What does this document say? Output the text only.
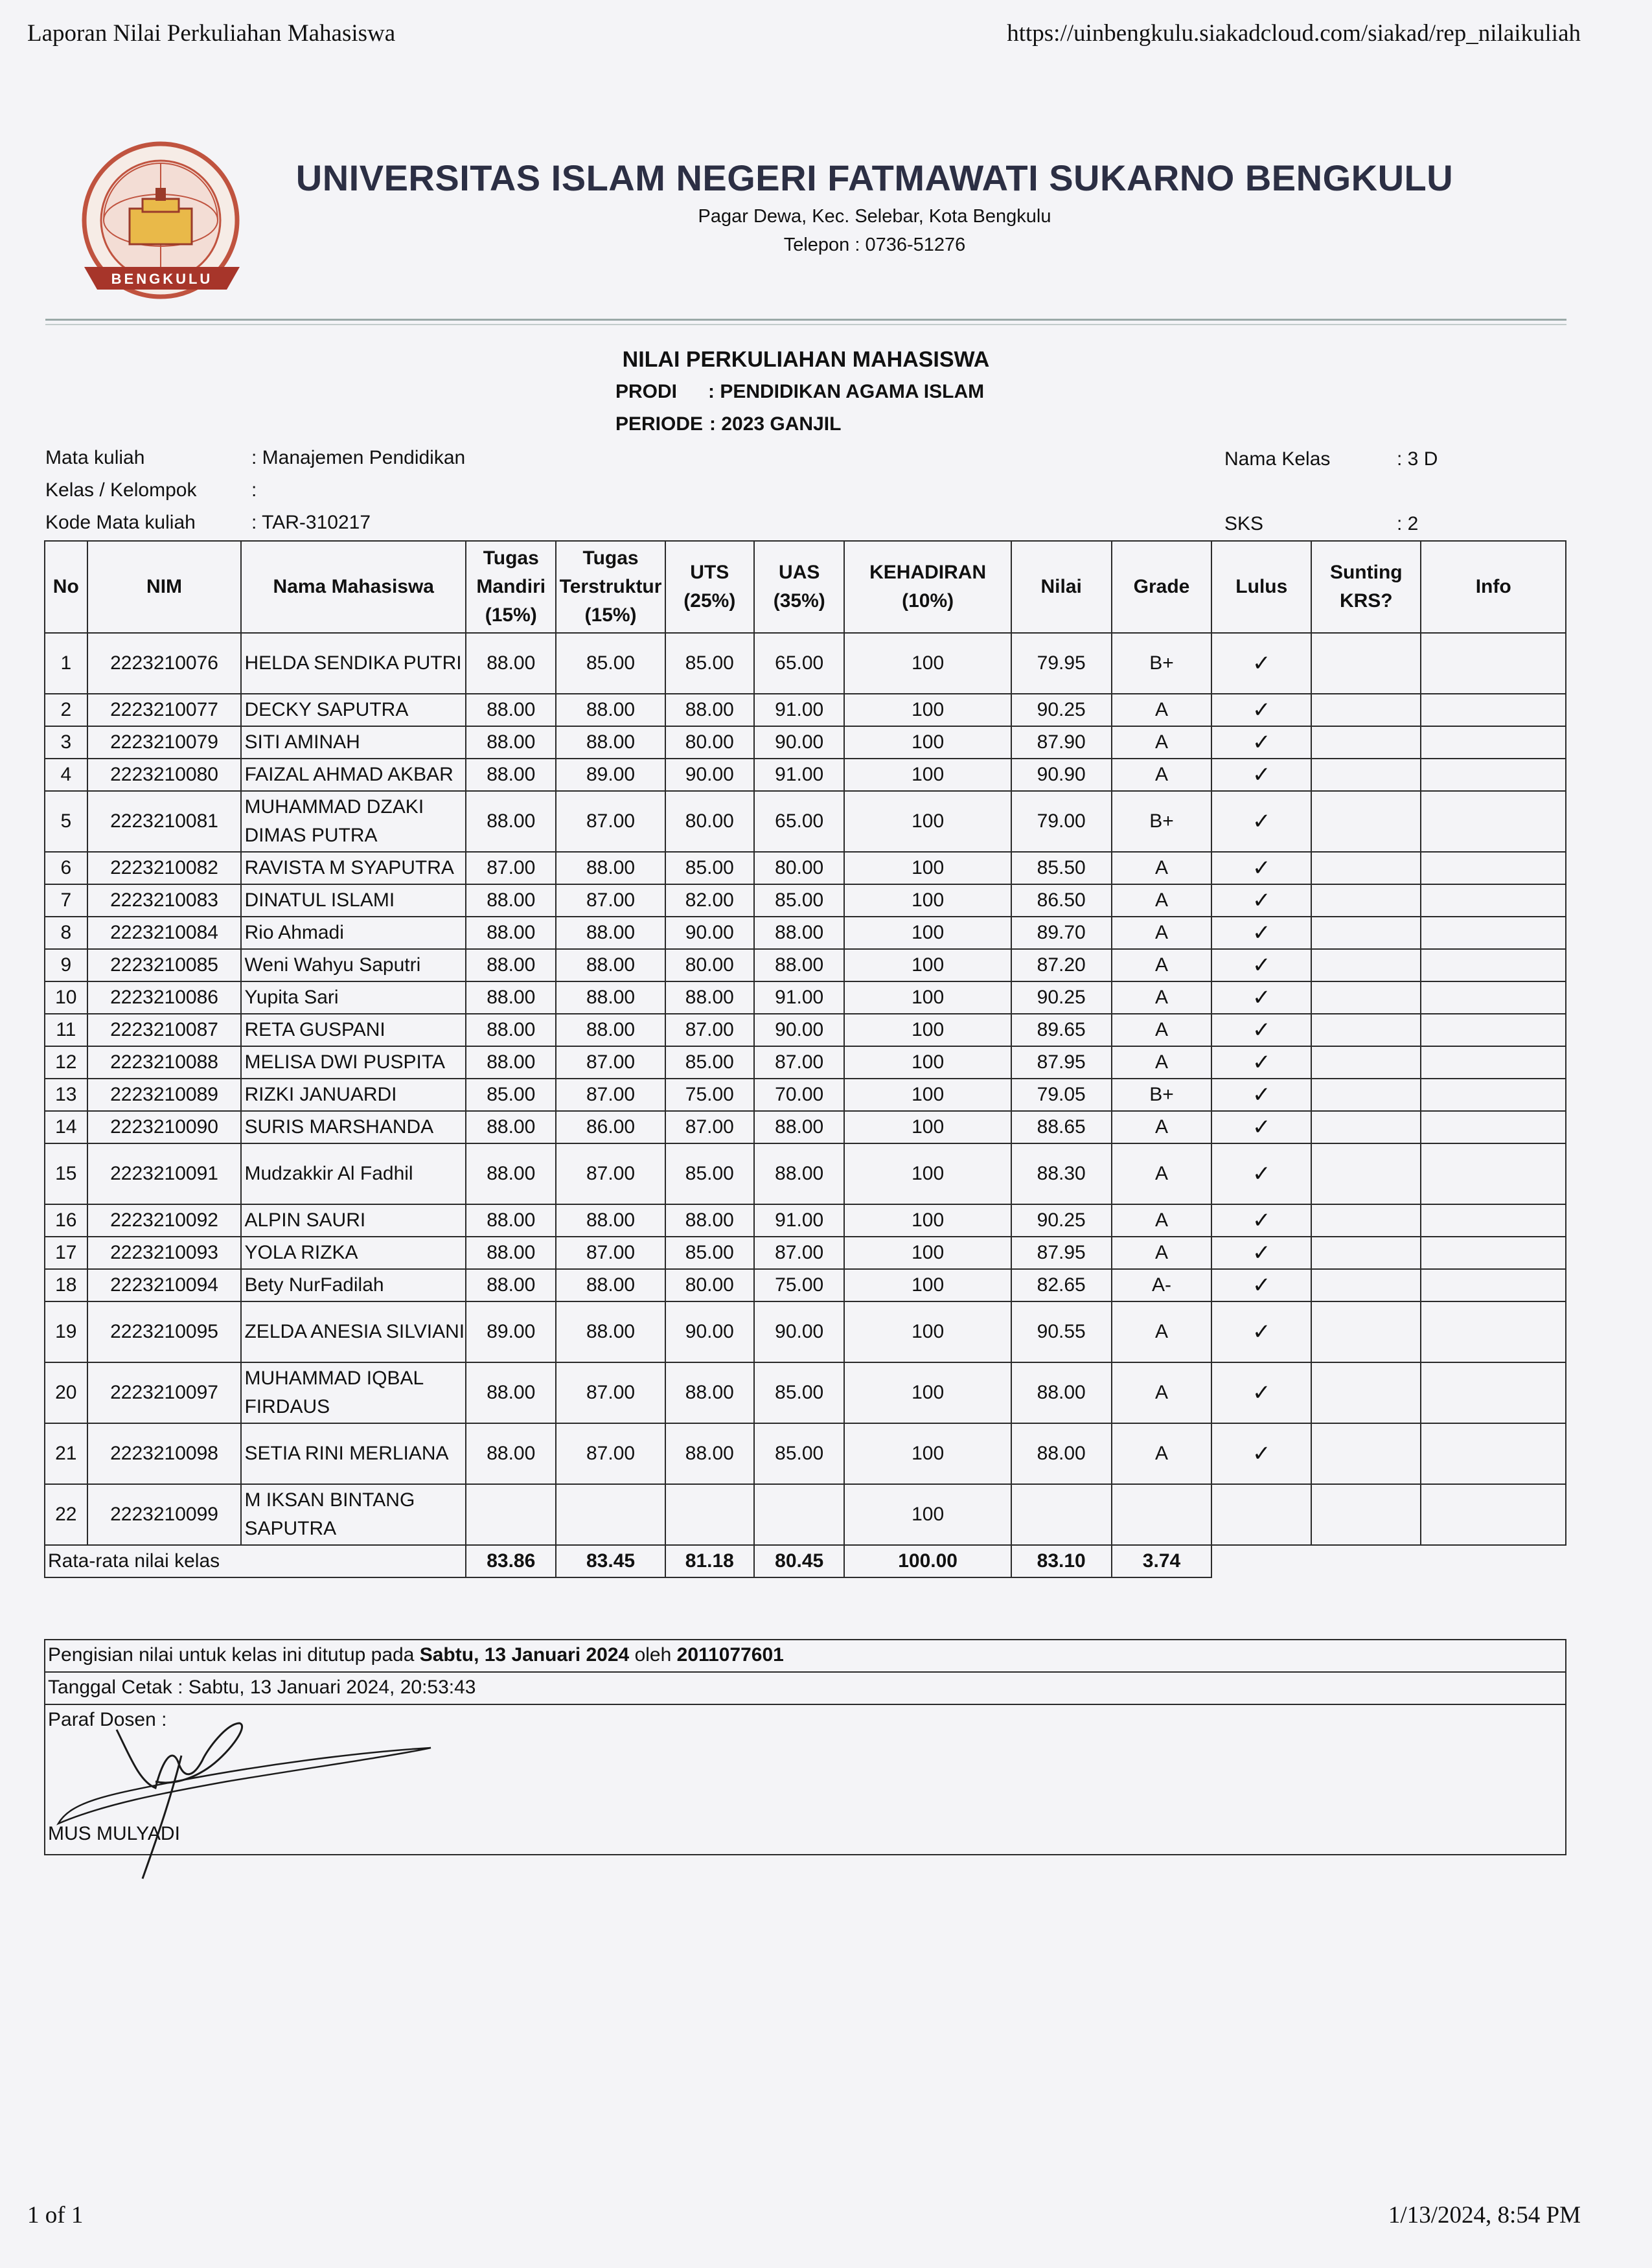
Laporan Nilai Perkuliahan Mahasiswa	https://uinbengkulu.siakadcloud.com/siakad/rep_nilaikuliah
1 of 1	1/13/2024, 8:54 PM
BENGKULU
UNIVERSITAS ISLAM NEGERI FATMAWATI SUKARNO BENGKULU
Pagar Dewa, Kec. Selebar, Kota Bengkulu
Telepon : 0736-51276
NILAI PERKULIAHAN MAHASISWA
PRODI : PENDIDIKAN AGAMA ISLAM
PERIODE : 2023 GANJIL
Mata kuliah	: Manajemen Pendidikan
Kelas / Kelompok	:
Kode Mata kuliah	: TAR-310217
Nama Kelas	: 3 D
SKS	: 2
No	NIM	Nama Mahasiswa	Tugas Mandiri (15%)	Tugas Terstruktur (15%)	UTS (25%)	UAS (35%)	KEHADIRAN (10%)	Nilai	Grade	Lulus	Sunting KRS?	Info
1	2223210076	HELDA SENDIKA PUTRI	88.00	85.00	85.00	65.00	100	79.95	B+	✓		
2	2223210077	DECKY SAPUTRA	88.00	88.00	88.00	91.00	100	90.25	A	✓		
3	2223210079	SITI AMINAH	88.00	88.00	80.00	90.00	100	87.90	A	✓		
4	2223210080	FAIZAL AHMAD AKBAR	88.00	89.00	90.00	91.00	100	90.90	A	✓		
5	2223210081	MUHAMMAD DZAKI DIMAS PUTRA	88.00	87.00	80.00	65.00	100	79.00	B+	✓		
6	2223210082	RAVISTA M SYAPUTRA	87.00	88.00	85.00	80.00	100	85.50	A	✓		
7	2223210083	DINATUL ISLAMI	88.00	87.00	82.00	85.00	100	86.50	A	✓		
8	2223210084	Rio Ahmadi	88.00	88.00	90.00	88.00	100	89.70	A	✓		
9	2223210085	Weni Wahyu Saputri	88.00	88.00	80.00	88.00	100	87.20	A	✓		
10	2223210086	Yupita Sari	88.00	88.00	88.00	91.00	100	90.25	A	✓		
11	2223210087	RETA GUSPANI	88.00	88.00	87.00	90.00	100	89.65	A	✓		
12	2223210088	MELISA DWI PUSPITA	88.00	87.00	85.00	87.00	100	87.95	A	✓		
13	2223210089	RIZKI JANUARDI	85.00	87.00	75.00	70.00	100	79.05	B+	✓		
14	2223210090	SURIS MARSHANDA	88.00	86.00	87.00	88.00	100	88.65	A	✓		
15	2223210091	Mudzakkir Al Fadhil	88.00	87.00	85.00	88.00	100	88.30	A	✓		
16	2223210092	ALPIN SAURI	88.00	88.00	88.00	91.00	100	90.25	A	✓		
17	2223210093	YOLA RIZKA	88.00	87.00	85.00	87.00	100	87.95	A	✓		
18	2223210094	Bety NurFadilah	88.00	88.00	80.00	75.00	100	82.65	A-	✓		
19	2223210095	ZELDA ANESIA SILVIANI	89.00	88.00	90.00	90.00	100	90.55	A	✓		
20	2223210097	MUHAMMAD IQBAL FIRDAUS	88.00	87.00	88.00	85.00	100	88.00	A	✓		
21	2223210098	SETIA RINI MERLIANA	88.00	87.00	88.00	85.00	100	88.00	A	✓		
22	2223210099	M IKSAN BINTANG SAPUTRA					100					
Rata-rata nilai kelas			83.86	83.45	81.18	80.45	100.00	83.10	3.74			
Pengisian nilai untuk kelas ini ditutup pada Sabtu, 13 Januari 2024 oleh 2011077601
Tanggal Cetak : Sabtu, 13 Januari 2024, 20:53:43
Paraf Dosen :
MUS MULYADI
